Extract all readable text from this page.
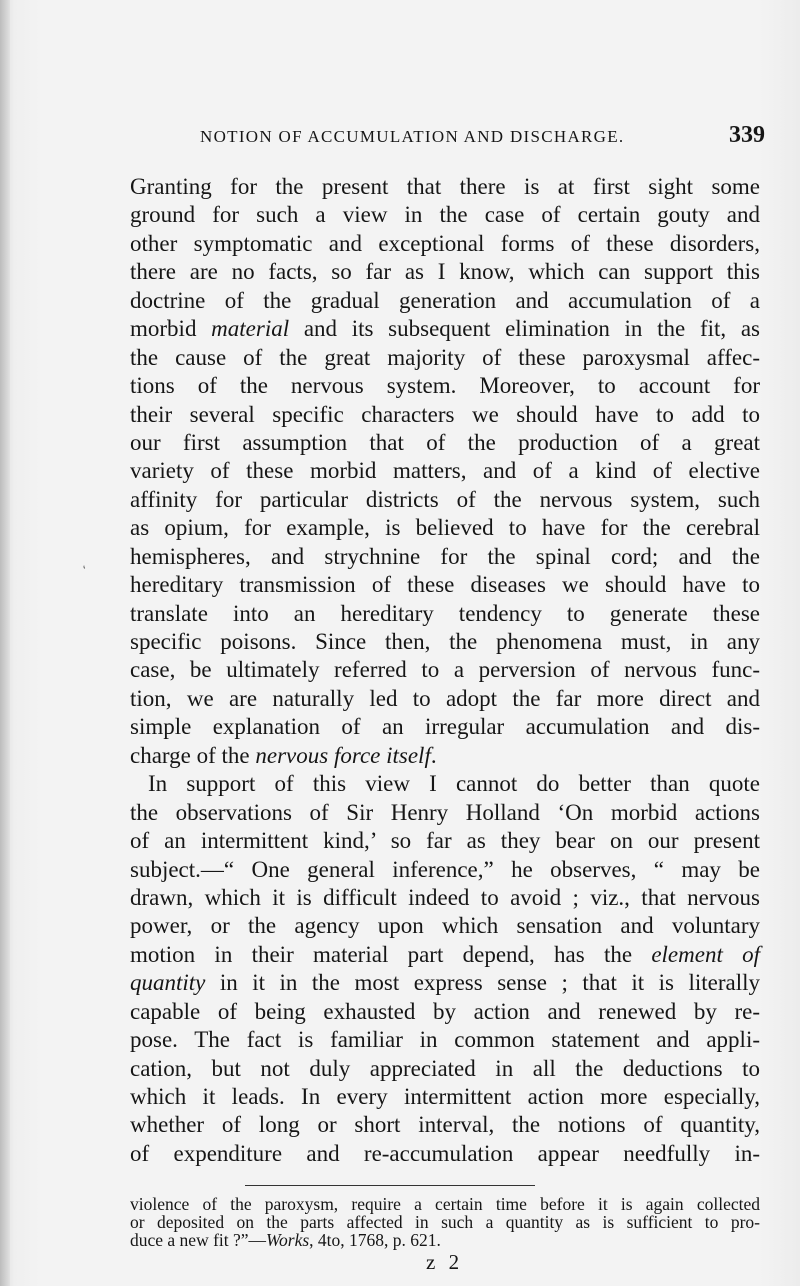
NOTION OF ACCUMULATION AND DISCHARGE.	339
Granting for the present that there is at first sight some
ground for such a view in the case of certain gouty and
other symptomatic and exceptional forms of these disorders,
there are no facts, so far as I know, which can support this
doctrine of the gradual generation and accumulation of a
morbid material and its subsequent elimination in the fit, as
the cause of the great majority of these paroxysmal affec-
tions of the nervous system. Moreover, to account for
their several specific characters we should have to add to
our first assumption that of the production of a great
variety of these morbid matters, and of a kind of elective
affinity for particular districts of the nervous system, such
as opium, for example, is believed to have for the cerebral
hemispheres, and strychnine for the spinal cord; and the
hereditary transmission of these diseases we should have to
translate into an hereditary tendency to generate these
specific poisons. Since then, the phenomena must, in any
case, be ultimately referred to a perversion of nervous func-
tion, we are naturally led to adopt the far more direct and
simple explanation of an irregular accumulation and dis-
charge of the nervous force itself.
In support of this view I cannot do better than quote
the observations of Sir Henry Holland ‘On morbid actions
of an intermittent kind,’ so far as they bear on our present
subject.—“ One general inference,” he observes, “ may be
drawn, which it is difficult indeed to avoid ; viz., that nervous
power, or the agency upon which sensation and voluntary
motion in their material part depend, has the element of
quantity in it in the most express sense ; that it is literally
capable of being exhausted by action and renewed by re-
pose. The fact is familiar in common statement and appli-
cation, but not duly appreciated in all the deductions to
which it leads. In every intermittent action more especially,
whether of long or short interval, the notions of quantity,
of expenditure and re-accumulation appear needfully in-
violence of the paroxysm, require a certain time before it is again collected
or deposited on the parts affected in such a quantity as is sufficient to pro-
duce a new fit ?”—Works, 4to, 1768, p. 621.
z 2
‘
